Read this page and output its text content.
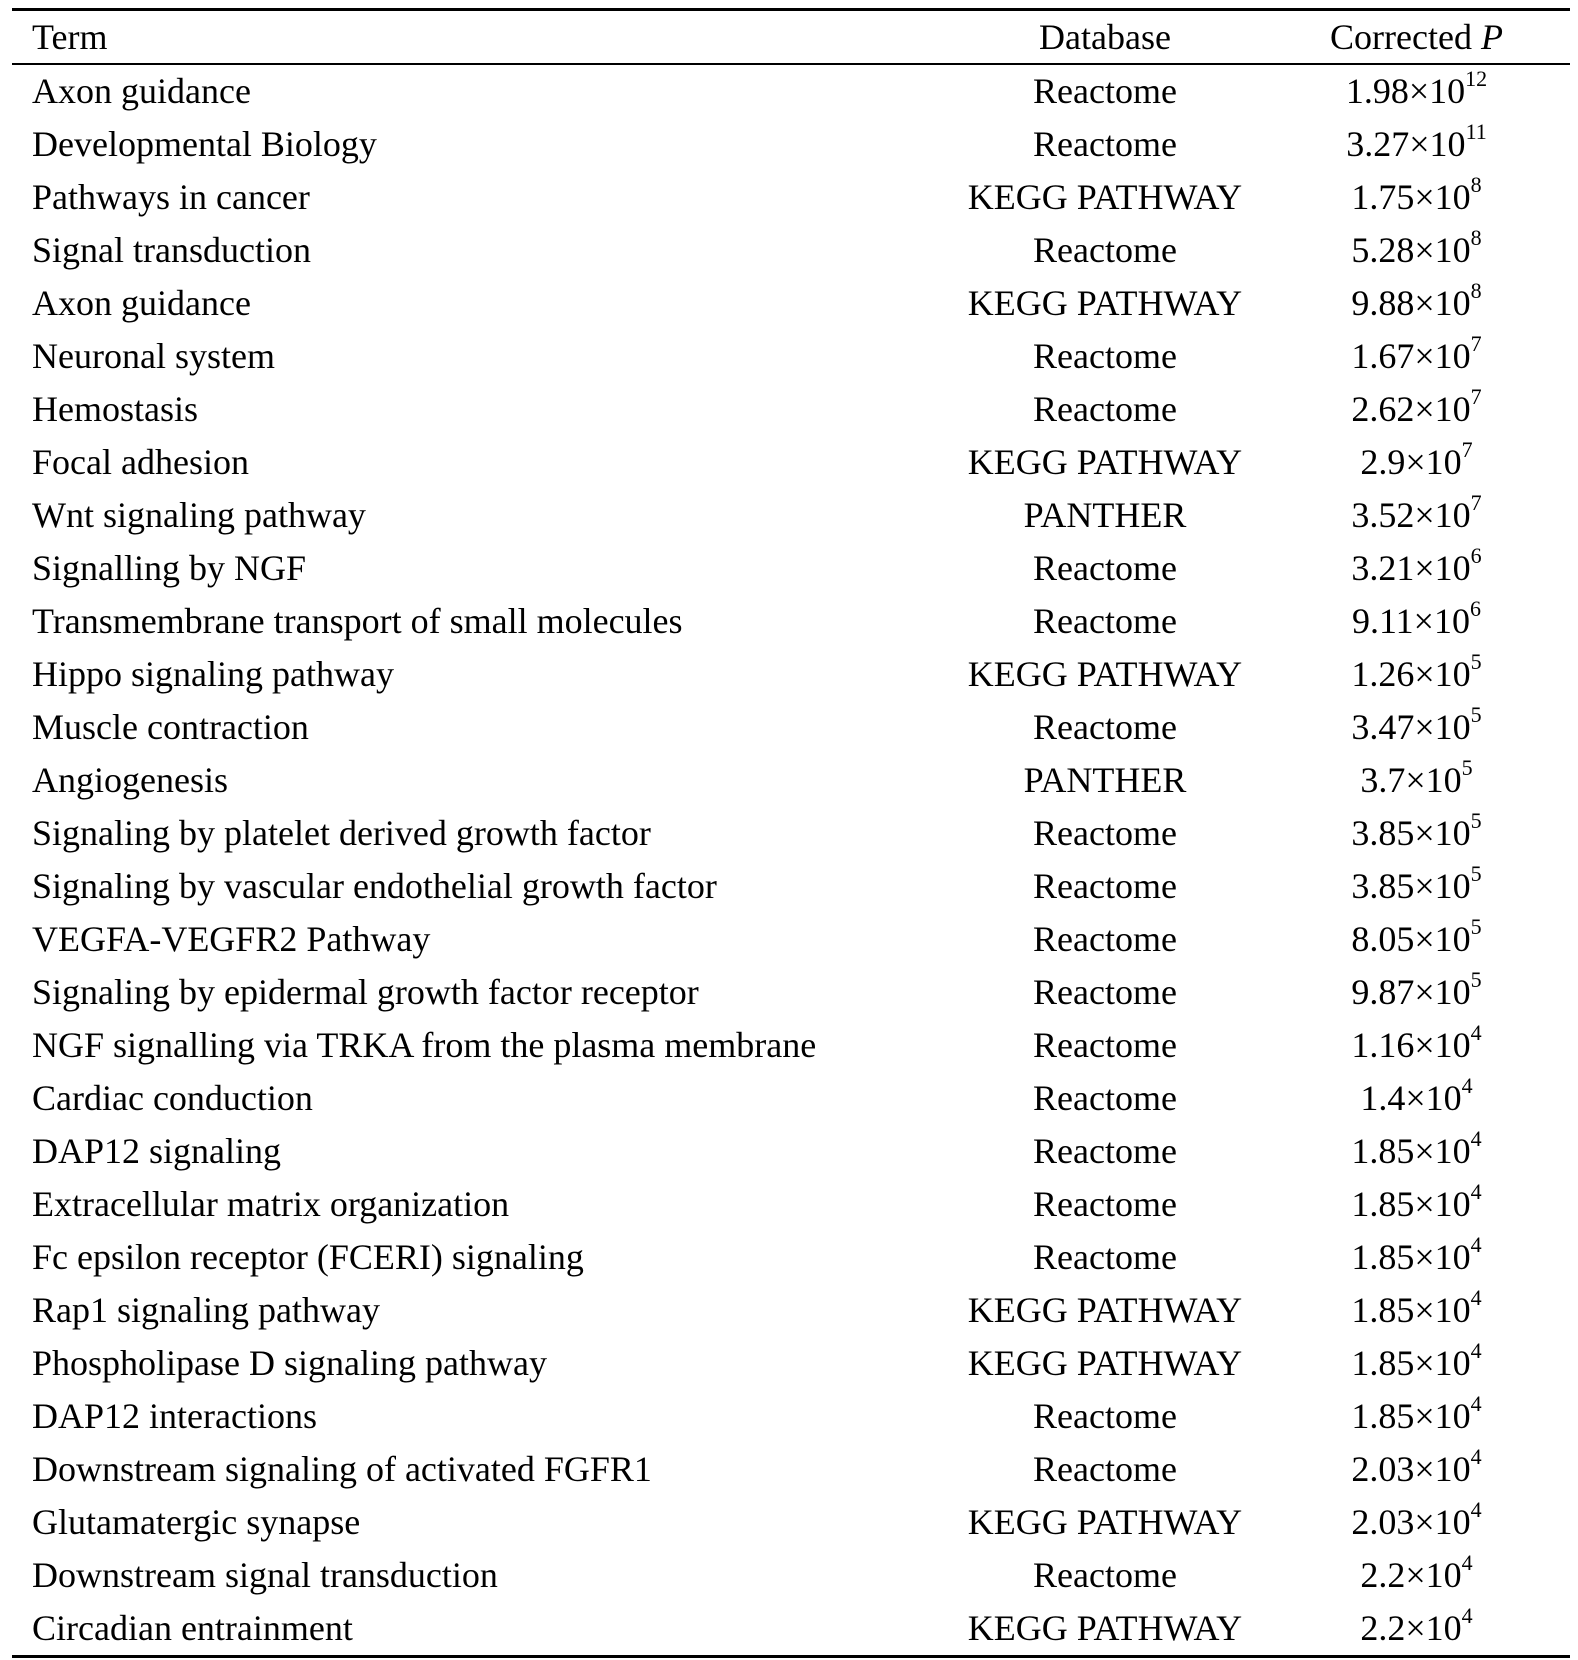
Term	Database	Corrected P
Axon guidance	Reactome	$1.98\times 10^{12}$
Developmental Biology	Reactome	$3.27\times 10^{11}$
Pathways in cancer	KEGG PATHWAY	$1.75\times 10^8$
Signal transduction	Reactome	$5.28\times 10^8$
Axon guidance	KEGG PATHWAY	$9.88\times 10^8$
Neuronal system	Reactome	$1.67\times 10^7$
Hemostasis	Reactome	$2.62\times 10^7$
Focal adhesion	KEGG PATHWAY	$2.9\times 10^7$
Wnt signaling pathway	PANTHER	$3.52\times 10^7$
Signalling by NGF	Reactome	$3.21\times 10^6$
Transmembrane transport of small molecules	Reactome	$9.11\times 10^6$
Hippo signaling pathway	KEGG PATHWAY	$1.26\times 10^5$
Muscle contraction	Reactome	$3.47\times 10^5$
Angiogenesis	PANTHER	$3.7\times 10^5$
Signaling by platelet derived growth factor	Reactome	$3.85\times 10^5$
Signaling by vascular endothelial growth factor	Reactome	$3.85\times 10^5$
VEGFA-VEGFR2 Pathway	Reactome	$8.05\times 10^5$
Signaling by epidermal growth factor receptor	Reactome	$9.87\times 10^5$
NGF signalling via TRKA from the plasma membrane	Reactome	$1.16\times 10^4$
Cardiac conduction	Reactome	$1.4\times 10^4$
DAP12 signaling	Reactome	$1.85\times 10^4$
Extracellular matrix organization	Reactome	$1.85\times 10^4$
Fc epsilon receptor (FCERI) signaling	Reactome	$1.85\times 10^4$
Rap1 signaling pathway	KEGG PATHWAY	$1.85\times 10^4$
Phospholipase D signaling pathway	KEGG PATHWAY	$1.85\times 10^4$
DAP12 interactions	Reactome	$1.85\times 10^4$
Downstream signaling of activated FGFR1	Reactome	$2.03\times 10^4$
Glutamatergic synapse	KEGG PATHWAY	$2.03\times 10^4$
Downstream signal transduction	Reactome	$2.2\times 10^4$
Circadian entrainment	KEGG PATHWAY	$2.2\times 10^4$
